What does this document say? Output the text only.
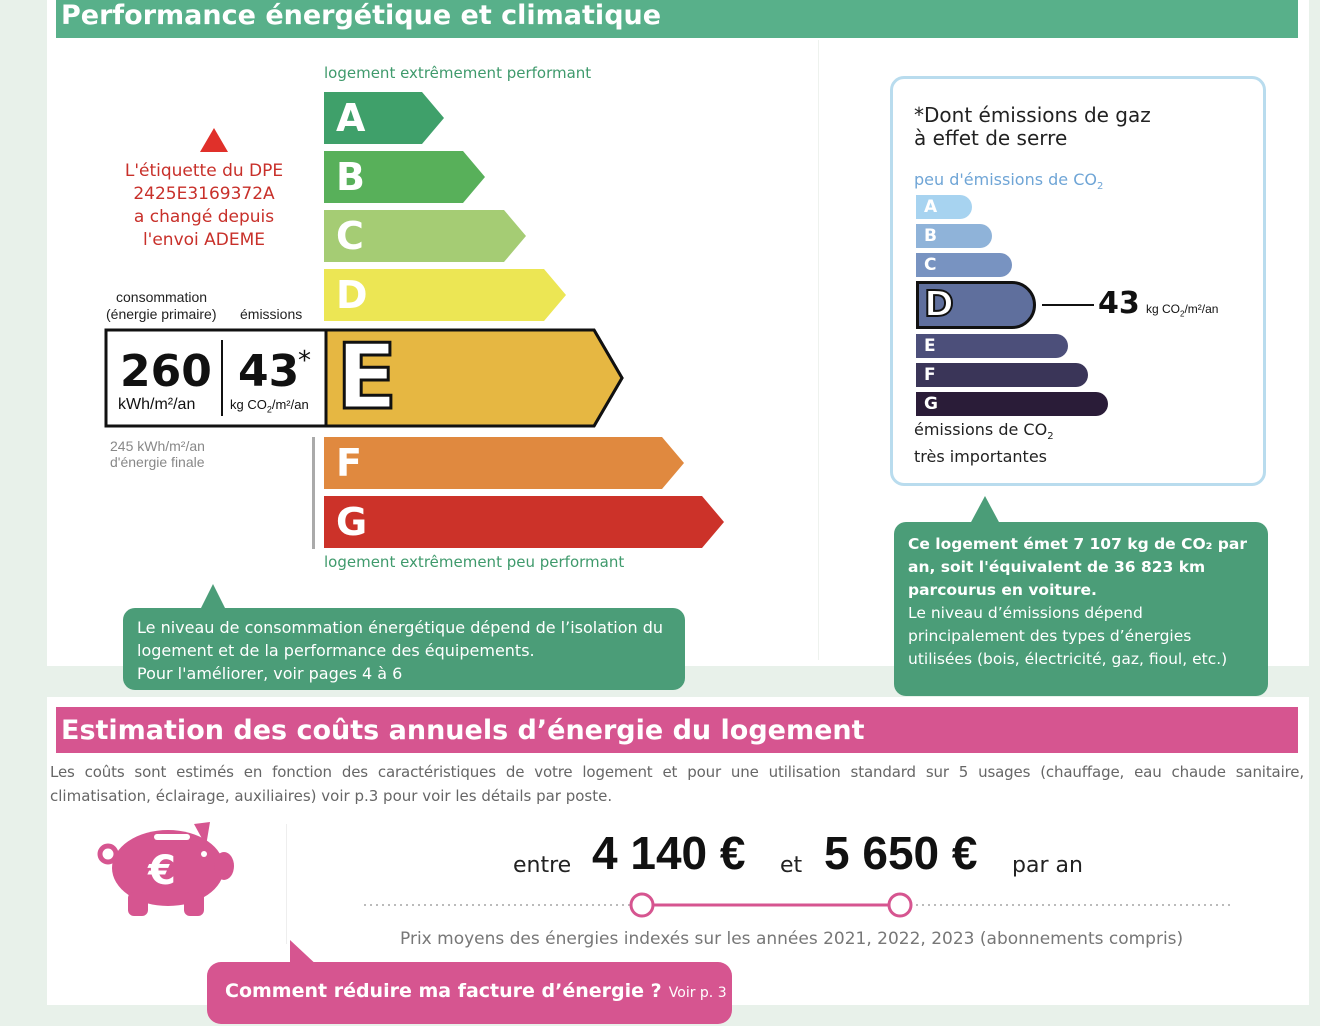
Performance énergétique et climatique
logement extrêmement performant
A
B
C
D
F
G
logement extrêmement peu performant
E
260
kWh/m²/an
43
*
kg $CO_2/m^2/an$
consommation
(énergie primaire) émissions
245 kWh/m²/an
d'énergie finale
L'étiquette du DPE
2425E3169372A
a changé depuis
l'envoi ADEME
*Dont émissions de gaz
à effet de serre
peu d'émissions de $CO_2$
A
B
C
E
F
G
D	43 kg $CO_2/m^2/an$
émissions de $CO_2$
très importantes
Le niveau de consommation énergétique dépend de l’isolation du
logement et de la performance des équipements.
Pour l'améliorer, voir pages 4 à 6
Ce logement émet 7 107 kg de CO₂ par
an, soit l'équivalent de 36 823 km
parcourus en voiture.
Le niveau d’émissions dépend
principalement des types d’énergies
utilisées (bois, électricité, gaz, fioul, etc.)
Estimation des coûts annuels d’énergie du logement
Les coûts sont estimés en fonction des caractéristiques de votre logement et pour une utilisation standard sur 5 usages (chauffage, eau chaude sanitaire,
climatisation, éclairage, auxiliaires) voir p.3 pour voir les détails par poste.
€	entre 4 140 € et 5 650 € par an
Prix moyens des énergies indexés sur les années 2021, 2022, 2023 (abonnements compris)
Comment réduire ma facture d’énergie ? Voir p. 3
